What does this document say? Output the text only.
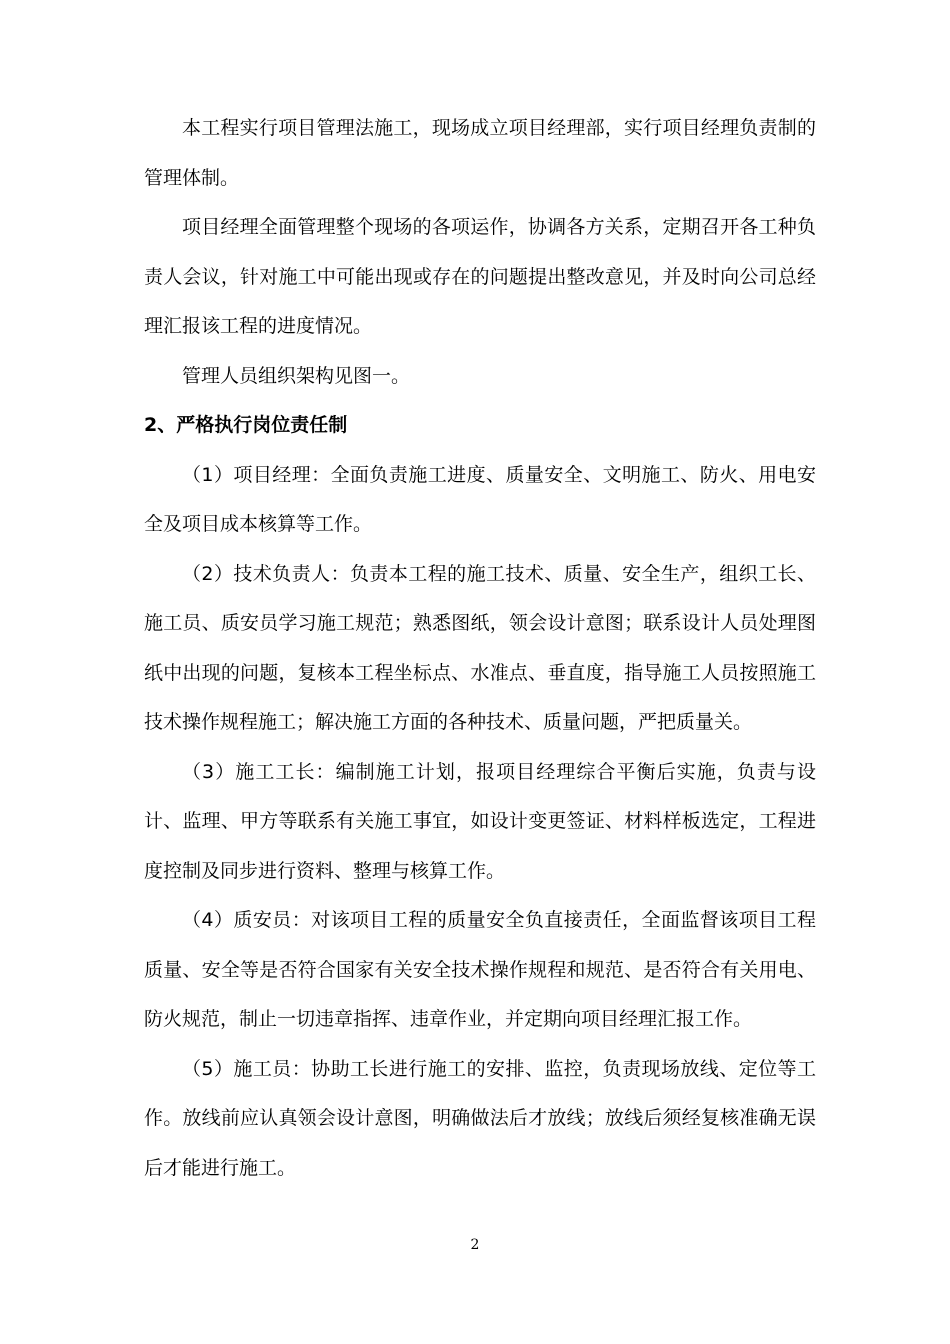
本工程实行项目管理法施工，现场成立项目经理部，实行项目经理负责制的管理体制。

项目经理全面管理整个现场的各项运作，协调各方关系，定期召开各工种负责人会议，针对施工中可能出现或存在的问题提出整改意见，并及时向公司总经理汇报该工程的进度情况。

管理人员组织架构见图一。

2、严格执行岗位责任制

（1）项目经理：全面负责施工进度、质量安全、文明施工、防火、用电安全及项目成本核算等工作。

（2）技术负责人：负责本工程的施工技术、质量、安全生产，组织工长、施工员、质安员学习施工规范；熟悉图纸，领会设计意图；联系设计人员处理图纸中出现的问题，复核本工程坐标点、水准点、垂直度，指导施工人员按照施工技术操作规程施工；解决施工方面的各种技术、质量问题，严把质量关。

（3）施工工长：编制施工计划，报项目经理综合平衡后实施，负责与设计、监理、甲方等联系有关施工事宜，如设计变更签证、材料样板选定，工程进度控制及同步进行资料、整理与核算工作。

（4）质安员：对该项目工程的质量安全负直接责任，全面监督该项目工程质量、安全等是否符合国家有关安全技术操作规程和规范、是否符合有关用电、防火规范，制止一切违章指挥、违章作业，并定期向项目经理汇报工作。

（5）施工员：协助工长进行施工的安排、监控，负责现场放线、定位等工作。放线前应认真领会设计意图，明确做法后才放线；放线后须经复核准确无误后才能进行施工。

2
